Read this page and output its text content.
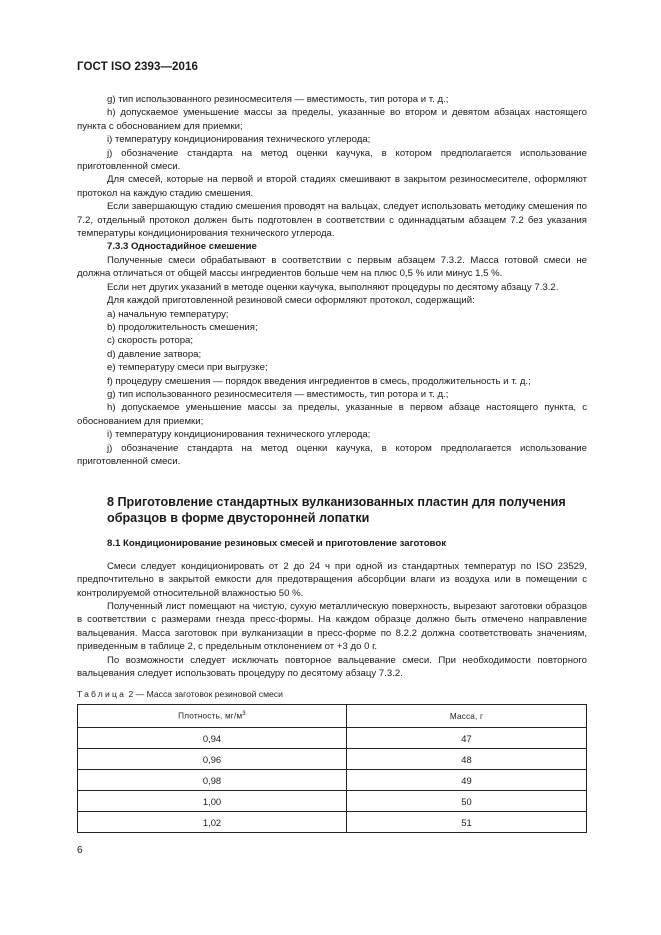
ГОСТ ISO 2393—2016

g) тип использованного резиносмесителя — вместимость, тип ротора и т. д.;

h) допускаемое уменьшение массы за пределы, указанные во втором и девятом абзацах настоящего пункта с обоснованием для приемки;

i) температуру кондиционирования технического углерода;

j) обозначение стандарта на метод оценки каучука, в котором предполагается использование приготовленной смеси.

Для смесей, которые на первой и второй стадиях смешивают в закрытом резиносмесителе, оформляют протокол на каждую стадию смешения.

Если завершающую стадию смешения проводят на вальцах, следует использовать методику смешения по 7.2, отдельный протокол должен быть подготовлен в соответствии с одиннадцатым абзацем 7.2 без указания температуры кондиционирования технического углерода.

7.3.3 Одностадийное смешение

Полученные смеси обрабатывают в соответствии с первым абзацем 7.3.2. Масса готовой смеси не должна отличаться от общей массы ингредиентов больше чем на плюс 0,5 % или минус 1,5 %.

Если нет других указаний в методе оценки каучука, выполняют процедуры по десятому абзацу 7.3.2.

Для каждой приготовленной резиновой смеси оформляют протокол, содержащий:

а) начальную температуру;

b) продолжительность смешения;

c) скорость ротора;

d) давление затвора;

e) температуру смеси при выгрузке;

f) процедуру смешения — порядок введения ингредиентов в смесь, продолжительность и т. д.;

g) тип использованного резиносмесителя — вместимость, тип ротора и т. д.;

h) допускаемое уменьшение массы за пределы, указанные в первом абзаце настоящего пункта, с обоснованием для приемки;

i) температуру кондиционирования технического углерода;

j) обозначение стандарта на метод оценки каучука, в котором предполагается использование приготовленной смеси.

8 Приготовление стандартных вулканизованных пластин для получения образцов в форме двусторонней лопатки

8.1 Кондиционирование резиновых смесей и приготовление заготовок

Смеси следует кондиционировать от 2 до 24 ч при одной из стандартных температур по ISO 23529, предпочтительно в закрытой емкости для предотвращения абсорбции влаги из воздуха или в помещении с контролируемой относительной влажностью 50 %.

Полученный лист помещают на чистую, сухую металлическую поверхность, вырезают заготовки образцов в соответствии с размерами гнезда пресс-формы. На каждом образце должно быть отмечено направление вальцевания. Масса заготовок при вулканизации в пресс-форме по 8.2.2 должна соответствовать значениям, приведенным в таблице 2, с предельным отклонением от +3 до 0 г.

По возможности следует исключать повторное вальцевание смеси. При необходимости повторного вальцевания следует использовать процедуру по десятому абзацу 7.3.2.

Таблица 2 — Масса заготовок резиновой смеси
Плотность, $мг/м^3$	Масса, г
0,94	47
0,96	48
0,98	49
1,00	50
1,02	51
6
